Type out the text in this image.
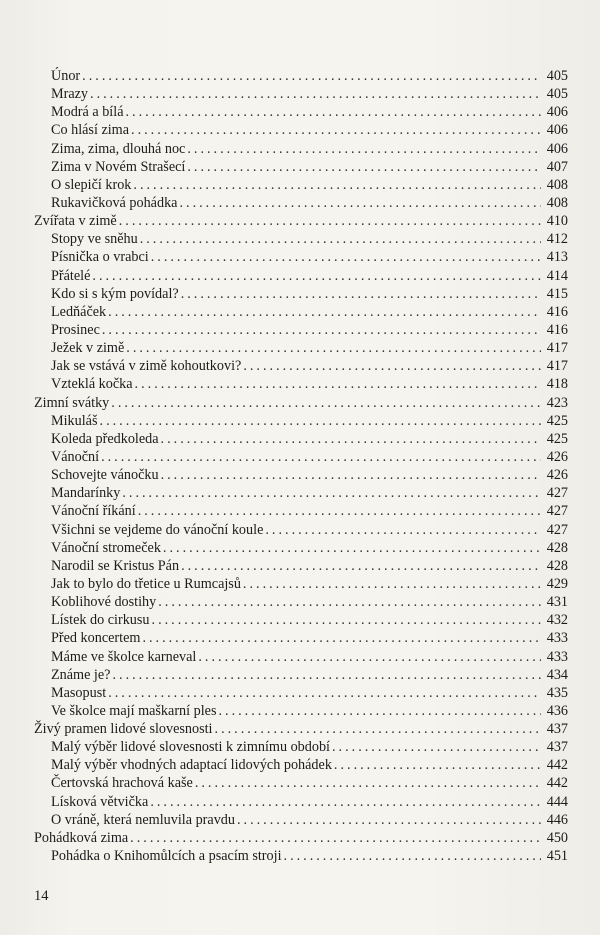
Únor .....	405
Mrazy .....	405
Modrá a bílá .....	406
Co hlásí zima .....	406
Zima, zima, dlouhá noc .....	406
Zima v Novém Strašecí .....	407
O slepičí krok .....	408
Rukavičková pohádka .....	408
Zvířata v zimě .....	410
Stopy ve sněhu .....	412
Písnička o vrabci .....	413
Přátelé .....	414
Kdo si s kým povídal? .....	415
Ledňáček .....	416
Prosinec .....	416
Ježek v zimě .....	417
Jak se vstává v zimě kohoutkovi? .....	417
Vzteklá kočka .....	418
Zimní svátky .....	423
Mikuláš .....	425
Koleda předkoleda .....	425
Vánoční .....	426
Schovejte vánočku .....	426
Mandarínky .....	427
Vánoční říkání .....	427
Všichni se vejdeme do vánoční koule .....	427
Vánoční stromeček .....	428
Narodil se Kristus Pán .....	428
Jak to bylo do třetice u Rumcajsů .....	429
Koblihové dostihy .....	431
Lístek do cirkusu .....	432
Před koncertem .....	433
Máme ve školce karneval .....	433
Známe je? .....	434
Masopust .....	435
Ve školce mají maškarní ples .....	436
Živý pramen lidové slovesnosti .....	437
Malý výběr lidové slovesnosti k zimnímu období .....	437
Malý výběr vhodných adaptací lidových pohádek .....	442
Čertovská hrachová kaše .....	442
Lísková větvička .....	444
O vráně, která nemluvila pravdu .....	446
Pohádková zima .....	450
Pohádka o Knihomůlcích a psacím stroji .....	451
14
